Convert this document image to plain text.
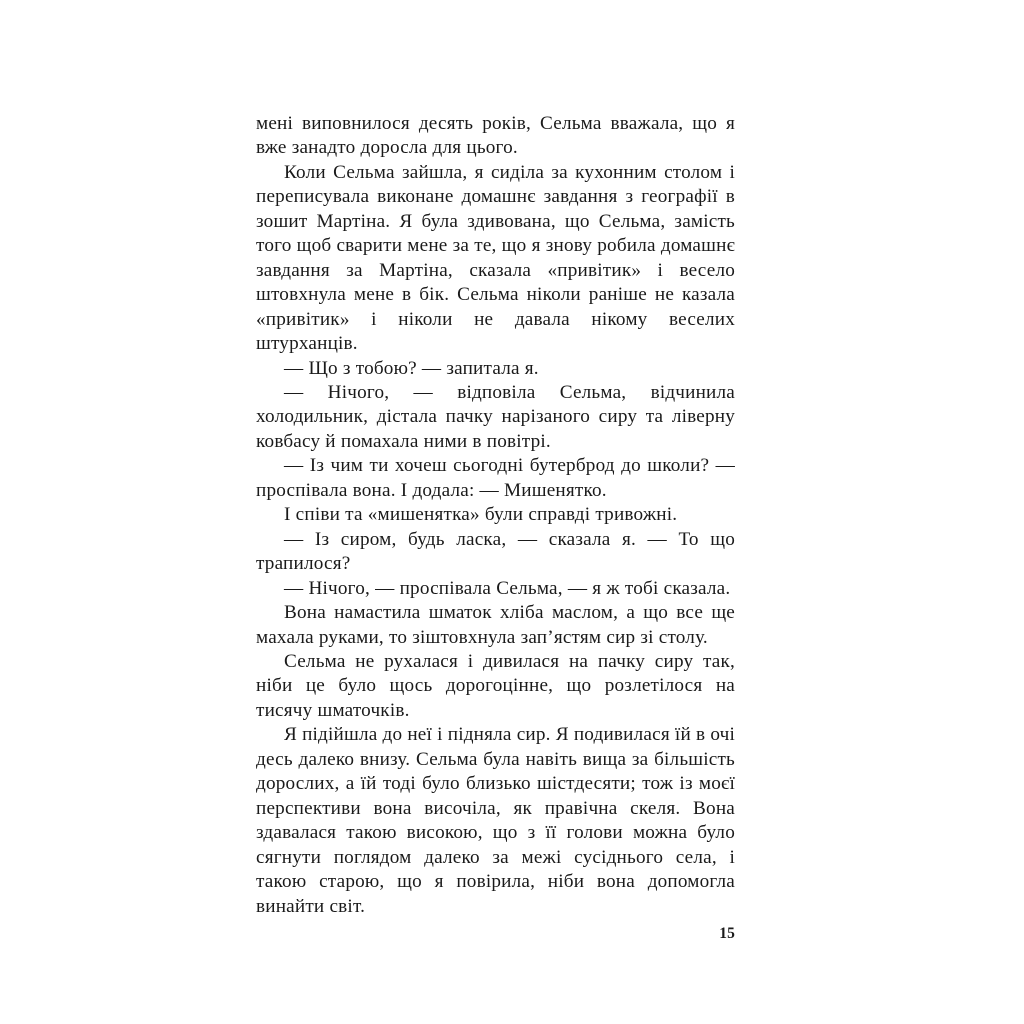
мені виповнилося десять років, Сельма вважала, що я вже занадто доросла для цього.

Коли Сельма зайшла, я сиділа за кухонним столом і переписувала виконане домашнє завдання з географії в зошит Мартіна. Я була здивована, що Сельма, замість того щоб сварити мене за те, що я знову робила домашнє завдання за Мартіна, сказала «привітик» і весело штовхнула мене в бік. Сельма ніколи раніше не казала «привітик» і ніколи не давала нікому веселих штурханців.

— Що з тобою? — запитала я.

— Нічого, — відповіла Сельма, відчинила холодильник, дістала пачку нарізаного сиру та ліверну ковбасу й помахала ними в повітрі.

— Із чим ти хочеш сьогодні бутерброд до школи? — проспівала вона. І додала: — Мишенятко.

І співи та «мишенятка» були справді тривожні.

— Із сиром, будь ласка, — сказала я. — То що трапилося?

— Нічого, — проспівала Сельма, — я ж тобі сказала.

Вона намастила шматок хліба маслом, а що все ще махала руками, то зіштовхнула зап’ястям сир зі столу.

Сельма не рухалася і дивилася на пачку сиру так, ніби це було щось дорогоцінне, що розлетілося на тисячу шматочків.

Я підійшла до неї і підняла сир. Я подивилася їй в очі десь далеко внизу. Сельма була навіть вища за більшість дорослих, а їй тоді було близько шістдесяти; тож із моєї перспективи вона височіла, як правічна скеля. Вона здавалася такою високою, що з її голови можна було сягнути поглядом далеко за межі сусіднього села, і такою старою, що я повірила, ніби вона допомогла винайти світ.

15
